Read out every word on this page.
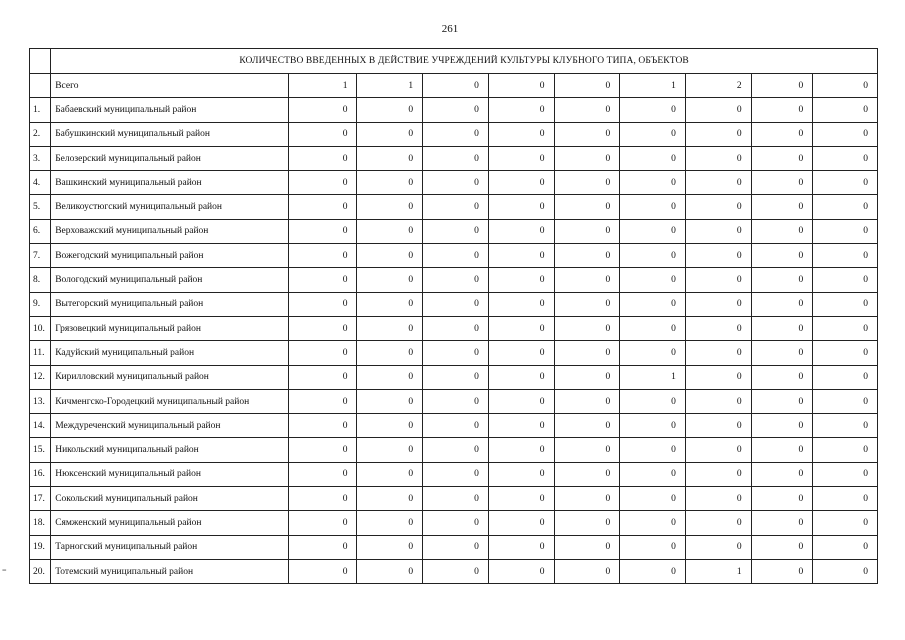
261
=
	КОЛИЧЕСТВО ВВЕДЕННЫХ В ДЕЙСТВИЕ УЧРЕЖДЕНИЙ КУЛЬТУРЫ КЛУБНОГО ТИПА, ОБЪЕКТОВ									
	Всего	1	1	0	0	0	1	2	0	0
1.	Бабаевский муниципальный район	0	0	0	0	0	0	0	0	0
2.	Бабушкинский муниципальный район	0	0	0	0	0	0	0	0	0
3.	Белозерский муниципальный район	0	0	0	0	0	0	0	0	0
4.	Вашкинский муниципальный район	0	0	0	0	0	0	0	0	0
5.	Великоустюгский муниципальный район	0	0	0	0	0	0	0	0	0
6.	Верховажский муниципальный район	0	0	0	0	0	0	0	0	0
7.	Вожегодский муниципальный район	0	0	0	0	0	0	0	0	0
8.	Вологодский муниципальный район	0	0	0	0	0	0	0	0	0
9.	Вытегорский муниципальный район	0	0	0	0	0	0	0	0	0
10.	Грязовецкий муниципальный район	0	0	0	0	0	0	0	0	0
11.	Кадуйский муниципальный район	0	0	0	0	0	0	0	0	0
12.	Кирилловский муниципальный район	0	0	0	0	0	1	0	0	0
13.	Кичменгско-Городецкий муниципальный район	0	0	0	0	0	0	0	0	0
14.	Междуреченский муниципальный район	0	0	0	0	0	0	0	0	0
15.	Никольский муниципальный район	0	0	0	0	0	0	0	0	0
16.	Нюксенский муниципальный район	0	0	0	0	0	0	0	0	0
17.	Сокольский муниципальный район	0	0	0	0	0	0	0	0	0
18.	Сямженский муниципальный район	0	0	0	0	0	0	0	0	0
19.	Тарногский муниципальный район	0	0	0	0	0	0	0	0	0
20.	Тотемский муниципальный район	0	0	0	0	0	0	1	0	0
